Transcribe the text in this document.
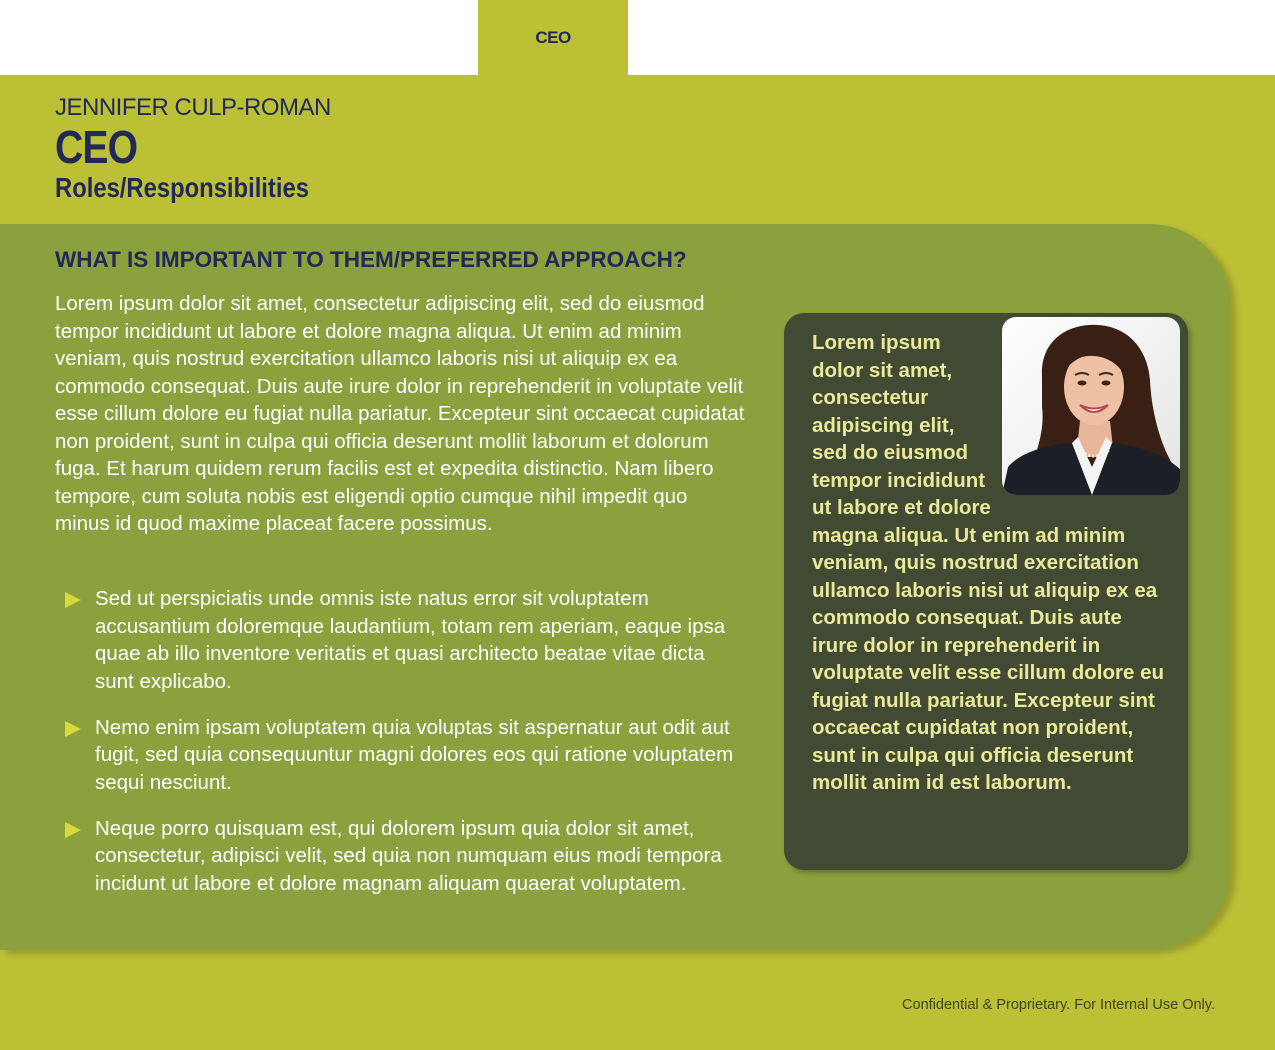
CEO
JENNIFER CULP-ROMAN
CEO
Roles/Responsibilities
WHAT IS IMPORTANT TO THEM/PREFERRED APPROACH?

Lorem ipsum dolor sit amet, consectetur adipiscing elit, sed do eiusmod tempor incididunt ut labore et dolore magna aliqua. Ut enim ad minim veniam, quis nostrud exercitation ullamco laboris nisi ut aliquip ex ea commodo consequat. Duis aute irure dolor in reprehenderit in voluptate velit esse cillum dolore eu fugiat nulla pariatur. Excepteur sint occaecat cupidatat non proident, sunt in culpa qui officia deserunt mollit laborum et dolorum fuga. Et harum quidem rerum facilis est et expedita distinctio. Nam libero tempore, cum soluta nobis est eligendi optio cumque nihil impedit quo minus id quod maxime placeat facere possimus.

Sed ut perspiciatis unde omnis iste natus error sit voluptatem accusantium doloremque laudantium, totam rem aperiam, eaque ipsa quae ab illo inventore veritatis et quasi architecto beatae vitae dicta sunt explicabo.
Nemo enim ipsam voluptatem quia voluptas sit aspernatur aut odit aut fugit, sed quia consequuntur magni dolores eos qui ratione voluptatem sequi nesciunt.
Neque porro quisquam est, qui dolorem ipsum quia dolor sit amet, consectetur, adipisci velit, sed quia non numquam eius modi tempora incidunt ut labore et dolore magnam aliquam quaerat voluptatem.

Lorem ipsum dolor sit amet, consectetur adipiscing elit, sed do eiusmod tempor incididunt ut labore et dolore magna aliqua. Ut enim ad minim veniam, quis nostrud exercitation ullamco laboris nisi ut aliquip ex ea commodo consequat. Duis aute irure dolor in reprehenderit in voluptate velit esse cillum dolore eu fugiat nulla pariatur. Excepteur sint occaecat cupidatat non proident, sunt in culpa qui officia deserunt mollit anim id est laborum.

Confidential & Proprietary. For Internal Use Only.
